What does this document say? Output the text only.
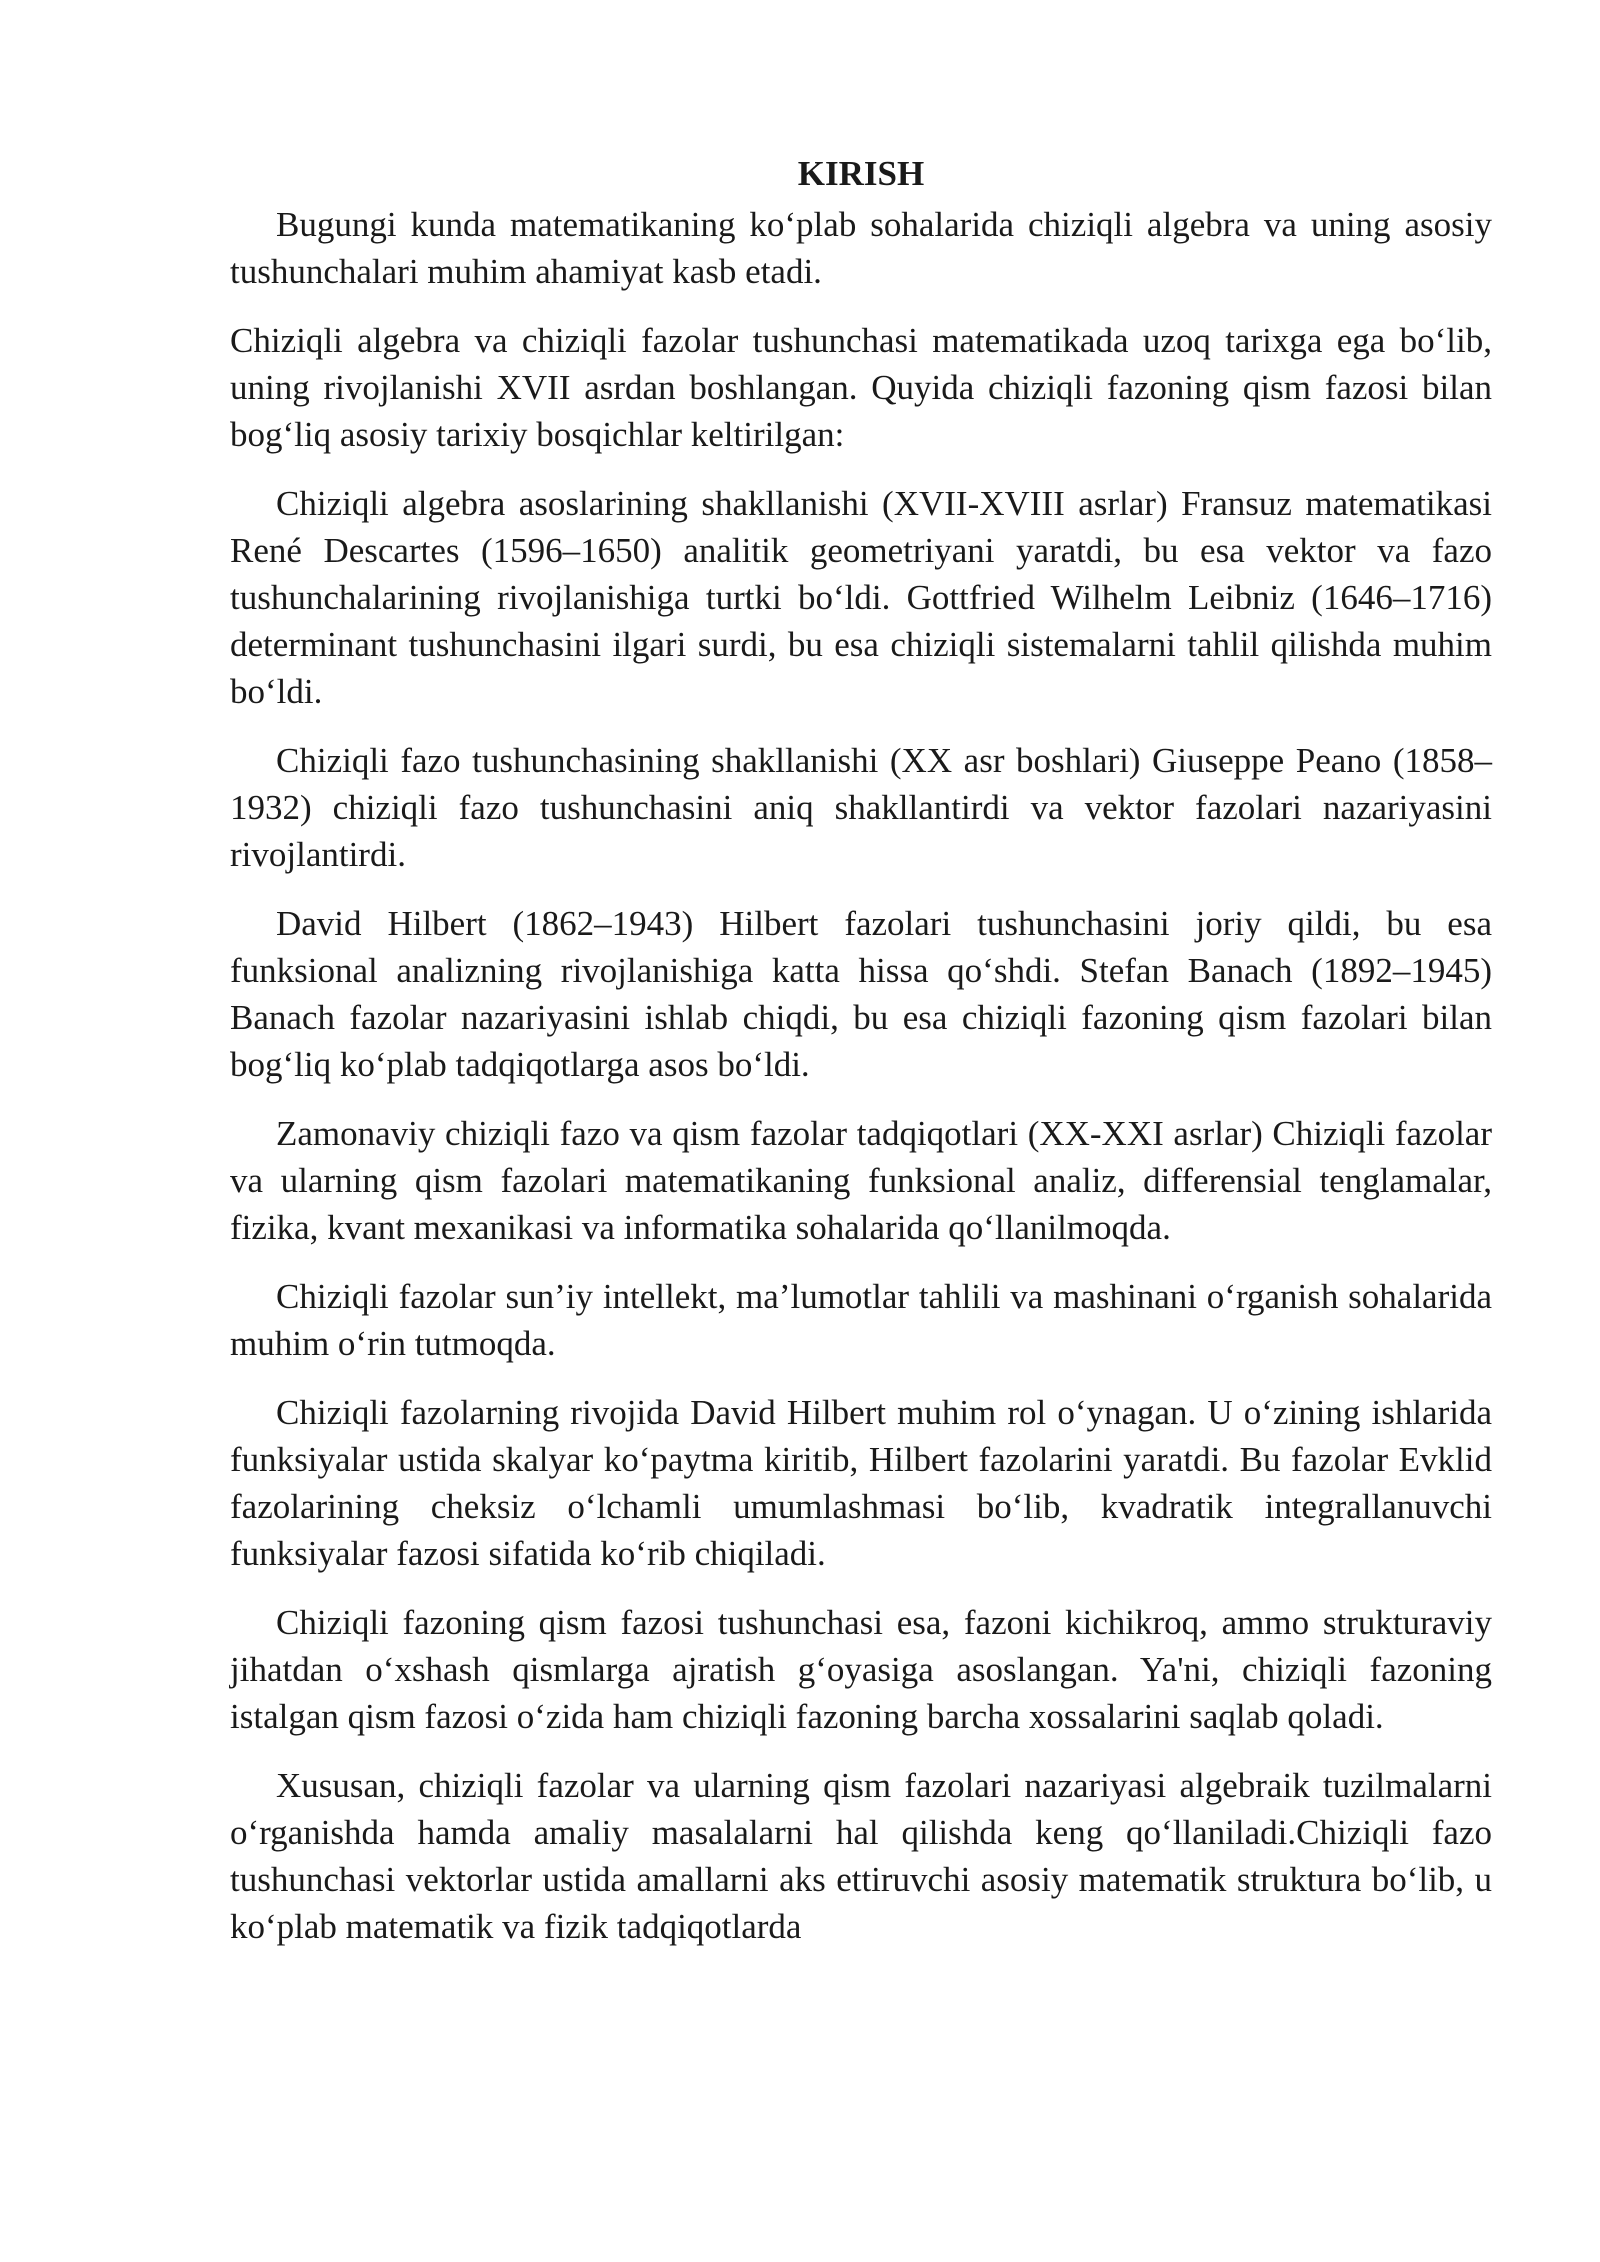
KIRISH

Bugungi kunda matematikaning ko‘plab sohalarida chiziqli algebra va uning asosiy tushunchalari muhim ahamiyat kasb etadi.

Chiziqli algebra va chiziqli fazolar tushunchasi matematikada uzoq tarixga ega bo‘lib, uning rivojlanishi XVII asrdan boshlangan. Quyida chiziqli fazoning qism fazosi bilan bog‘liq asosiy tarixiy bosqichlar keltirilgan:

Chiziqli algebra asoslarining shakllanishi (XVII-XVIII asrlar) Fransuz matematikasi René Descartes (1596–1650) analitik geometriyani yaratdi, bu esa vektor va fazo tushunchalarining rivojlanishiga turtki bo‘ldi. Gottfried Wilhelm Leibniz (1646–1716) determinant tushunchasini ilgari surdi, bu esa chiziqli sistemalarni tahlil qilishda muhim bo‘ldi.

Chiziqli fazo tushunchasining shakllanishi (XX asr boshlari) Giuseppe Peano (1858–1932) chiziqli fazo tushunchasini aniq shakllantirdi va vektor fazolari nazariyasini rivojlantirdi.

David Hilbert (1862–1943) Hilbert fazolari tushunchasini joriy qildi, bu esa funksional analizning rivojlanishiga katta hissa qo‘shdi. Stefan Banach (1892–1945) Banach fazolar nazariyasini ishlab chiqdi, bu esa chiziqli fazoning qism fazolari bilan bog‘liq ko‘plab tadqiqotlarga asos bo‘ldi.

Zamonaviy chiziqli fazo va qism fazolar tadqiqotlari (XX-XXI asrlar) Chiziqli fazolar va ularning qism fazolari matematikaning funksional analiz, differensial tenglamalar, fizika, kvant mexanikasi va informatika sohalarida qo‘llanilmoqda.

Chiziqli fazolar sun’iy intellekt, ma’lumotlar tahlili va mashinani o‘rganish sohalarida muhim o‘rin tutmoqda.

Chiziqli fazolarning rivojida David Hilbert muhim rol o‘ynagan. U o‘zining ishlarida funksiyalar ustida skalyar ko‘paytma kiritib, Hilbert fazolarini yaratdi. Bu fazolar Evklid fazolarining cheksiz o‘lchamli umumlashmasi bo‘lib, kvadratik integrallanuvchi funksiyalar fazosi sifatida ko‘rib chiqiladi.

Chiziqli fazoning qism fazosi tushunchasi esa, fazoni kichikroq, ammo strukturaviy jihatdan o‘xshash qismlarga ajratish g‘oyasiga asoslangan. Ya'ni, chiziqli fazoning istalgan qism fazosi o‘zida ham chiziqli fazoning barcha xossalarini saqlab qoladi.

Xususan, chiziqli fazolar va ularning qism fazolari nazariyasi algebraik tuzilmalarni o‘rganishda hamda amaliy masalalarni hal qilishda keng qo‘llaniladi.Chiziqli fazo tushunchasi vektorlar ustida amallarni aks ettiruvchi asosiy matematik struktura bo‘lib, u ko‘plab matematik va fizik tadqiqotlarda
